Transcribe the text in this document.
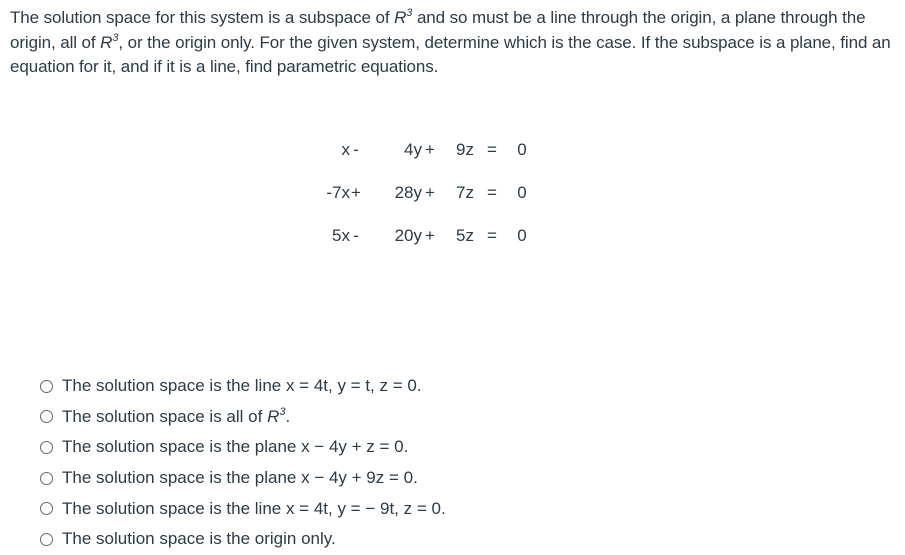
The solution space for this system is a subspace of $R^3$ and so must be a line through the origin, a plane through the origin, all of $R^3$, or the origin only. For the given system, determine which is the case. If the subspace is a plane, find an equation for it, and if it is a line, find parametric equations.
x -	4y +	9z = 0
-7x +	28y +	7z = 0
5x -	20y +	5z = 0
The solution space is the line x = 4t, y = t, z = 0.
The solution space is all of $R^3$.
The solution space is the plane x − 4y + z = 0.
The solution space is the plane x − 4y + 9z = 0.
The solution space is the line x = 4t, y = − 9t, z = 0.
The solution space is the origin only.
